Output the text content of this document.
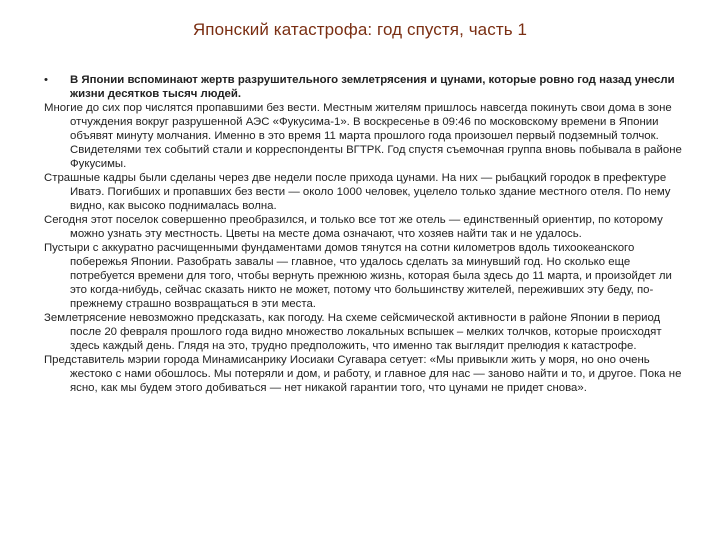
Японский катастрофа: год спустя, часть 1

•	В Японии вспоминают жертв разрушительного землетрясения и цунами, которые ровно год назад унесли жизни десятков тысяч людей.

Многие до сих пор числятся пропавшими без вести. Местным жителям пришлось навсегда покинуть свои дома в зоне отчуждения вокруг разрушенной АЭС «Фукусима-1». В воскресенье в 09:46 по московскому времени в Японии объявят минуту молчания. Именно в это время 11 марта прошлого года произошел первый подземный толчок. Свидетелями тех событий стали и корреспонденты ВГТРК. Год спустя съемочная группа вновь побывала в районе Фукусимы.

Страшные кадры были сделаны через две недели после прихода цунами. На них — рыбацкий городок в префектуре Иватэ. Погибших и пропавших без вести — около 1000 человек, уцелело только здание местного отеля. По нему видно, как высоко поднималась волна.

Сегодня этот поселок совершенно преобразился, и только все тот же отель — единственный ориентир, по которому можно узнать эту местность. Цветы на месте дома означают, что хозяев найти так и не удалось.

Пустыри с аккуратно расчищенными фундаментами домов тянутся на сотни километров вдоль тихоокеанского побережья Японии. Разобрать завалы — главное, что удалось сделать за минувший год. Но сколько еще потребуется времени для того, чтобы вернуть прежнюю жизнь, которая была здесь до 11 марта, и произойдет ли это когда-нибудь, сейчас сказать никто не может, потому что большинству жителей, переживших эту беду, по-прежнему страшно возвращаться в эти места.

Землетрясение невозможно предсказать, как погоду. На схеме сейсмической активности в районе Японии в период после 20 февраля прошлого года видно множество локальных вспышек – мелких толчков, которые происходят здесь каждый день. Глядя на это, трудно предположить, что именно так выглядит прелюдия к катастрофе.

Представитель мэрии города Минамисанрику Иосиаки Сугавара сетует: «Мы привыкли жить у моря, но оно очень жестоко с нами обошлось. Мы потеряли и дом, и работу, и главное для нас — заново найти и то, и другое. Пока не ясно, как мы будем этого добиваться — нет никакой гарантии того, что цунами не придет снова».
